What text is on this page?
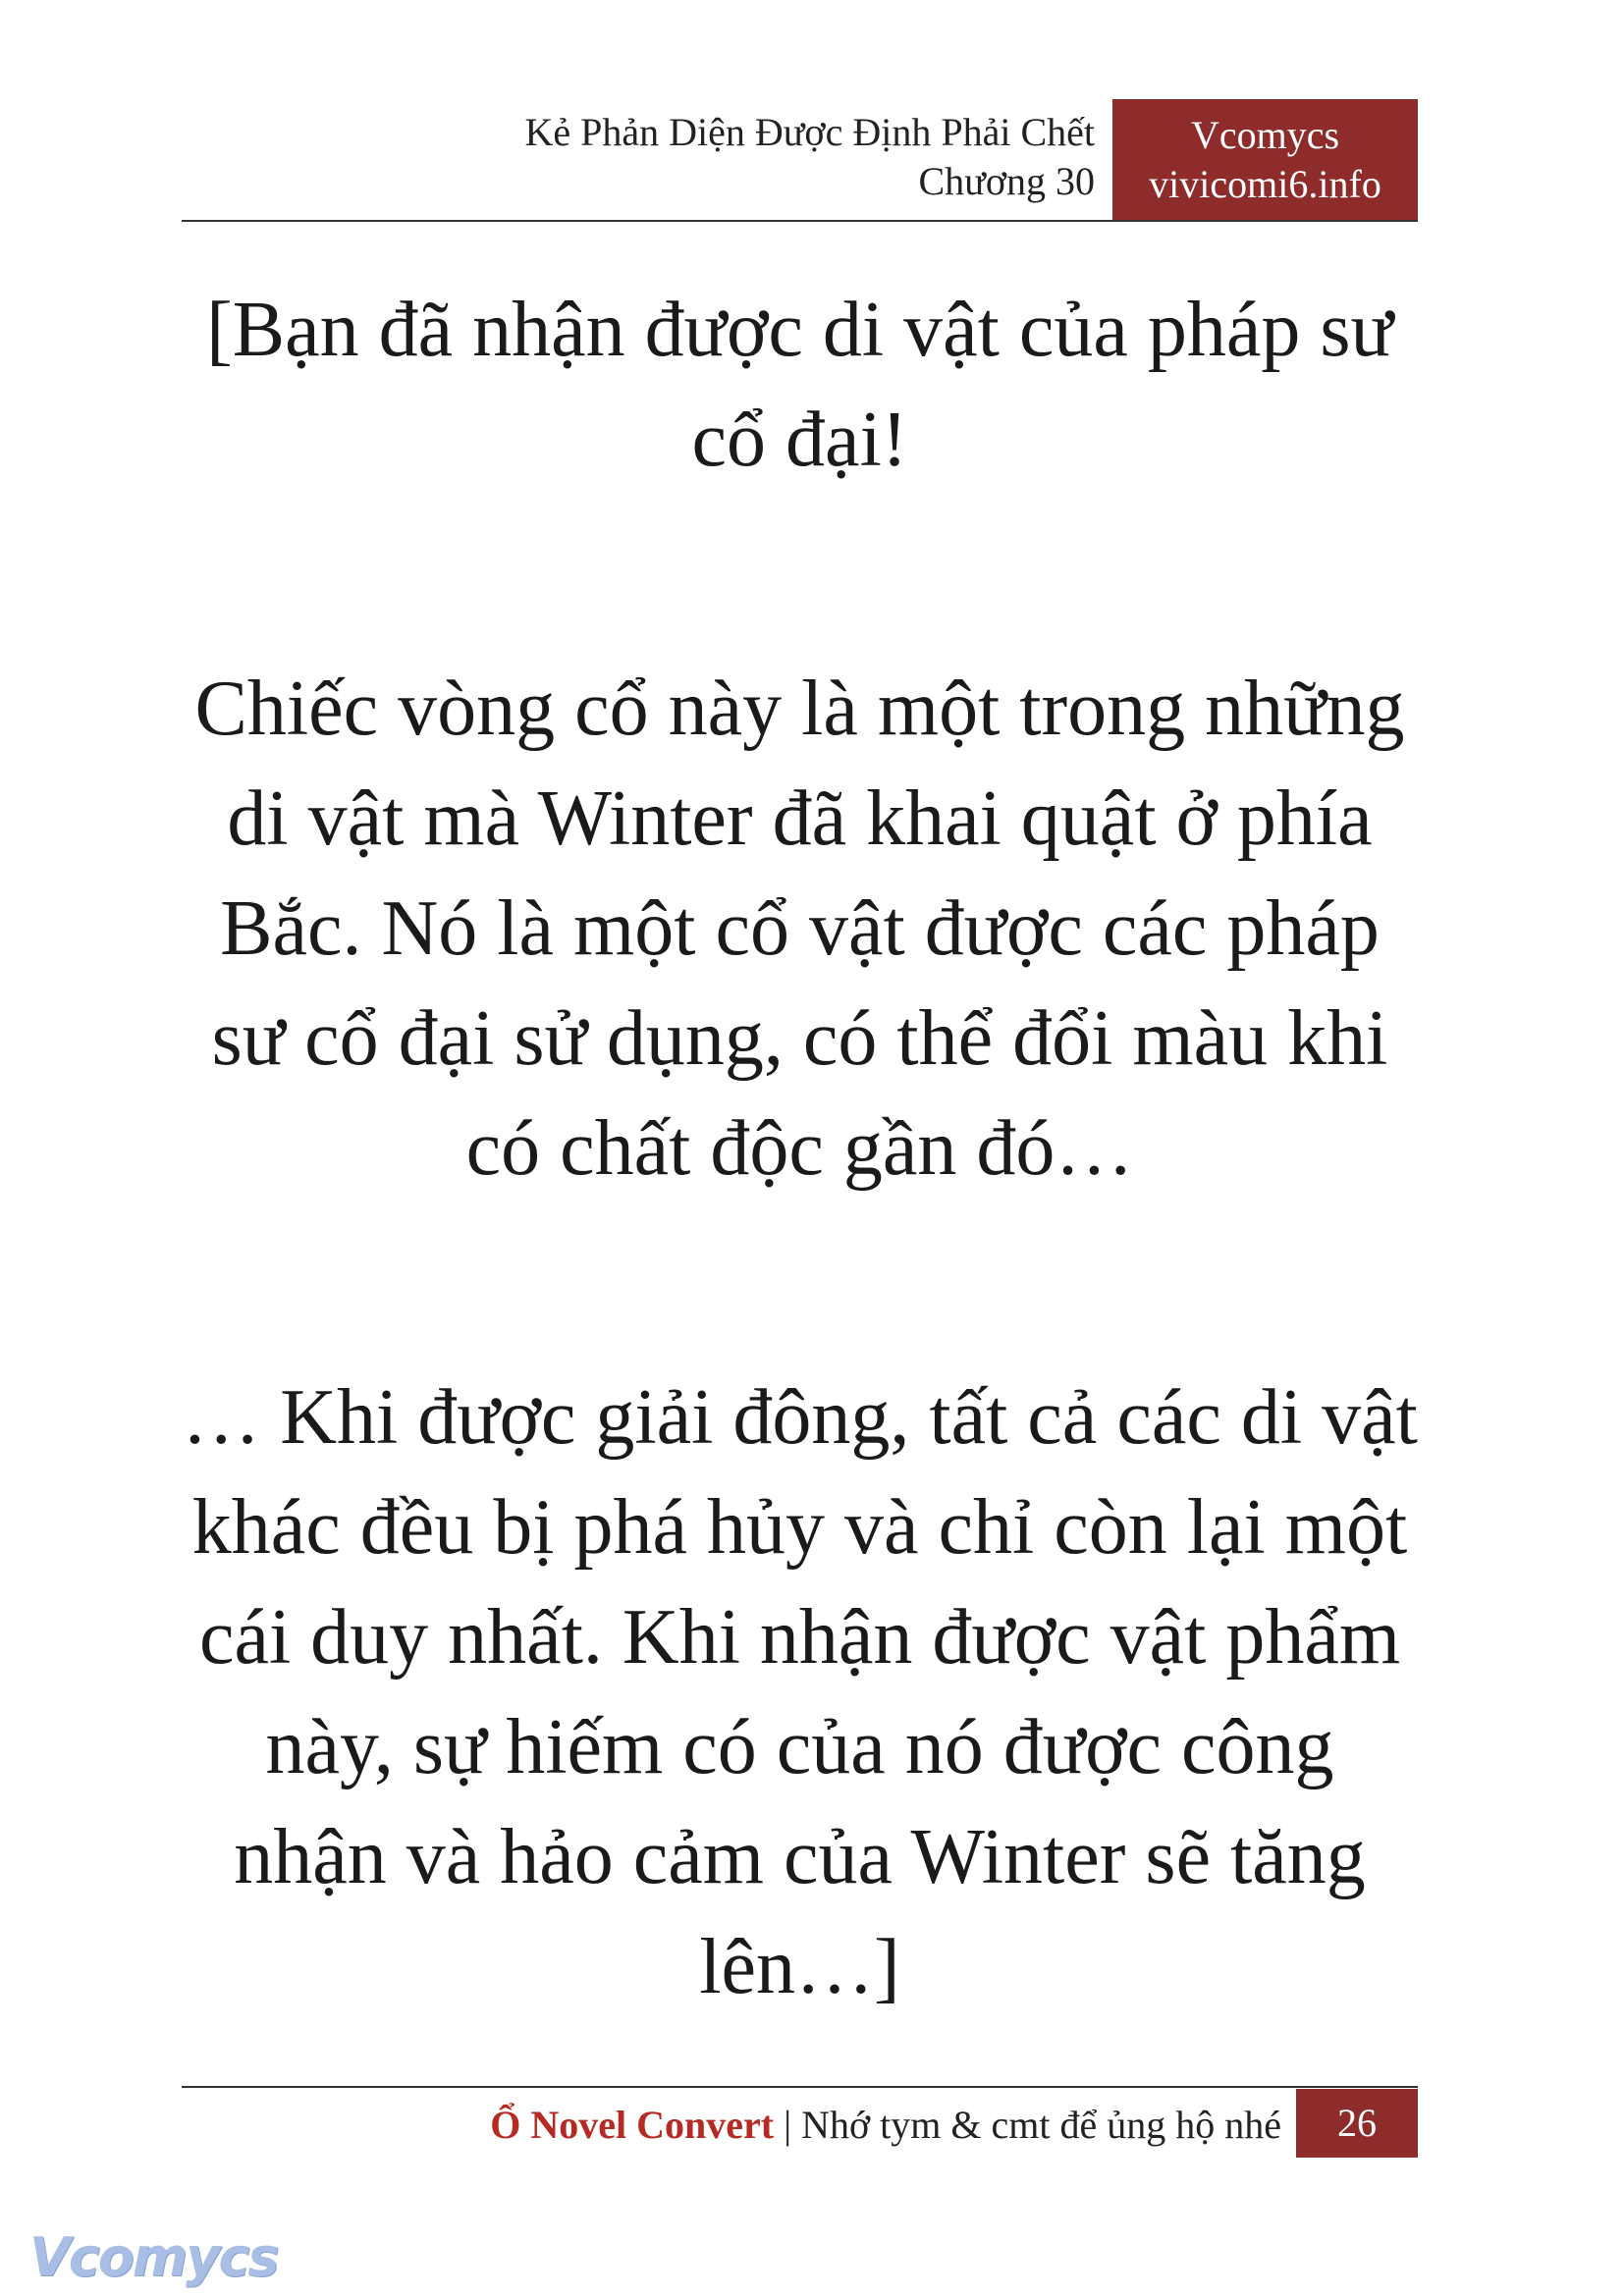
Kẻ Phản Diện Được Định Phải Chết
Chương 30
Vcomycs
vivicomi6.info

[Bạn đã nhận được di vật của pháp sư cổ đại!

Chiếc vòng cổ này là một trong những di vật mà Winter đã khai quật ở phía Bắc. Nó là một cổ vật được các pháp sư cổ đại sử dụng, có thể đổi màu khi có chất độc gần đó…

… Khi được giải đông, tất cả các di vật khác đều bị phá hủy và chỉ còn lại một cái duy nhất. Khi nhận được vật phẩm này, sự hiếm có của nó được công nhận và hảo cảm của Winter sẽ tăng lên…]

Ổ Novel Convert | Nhớ tym & cmt để ủng hộ nhé	26
Vcomycs
